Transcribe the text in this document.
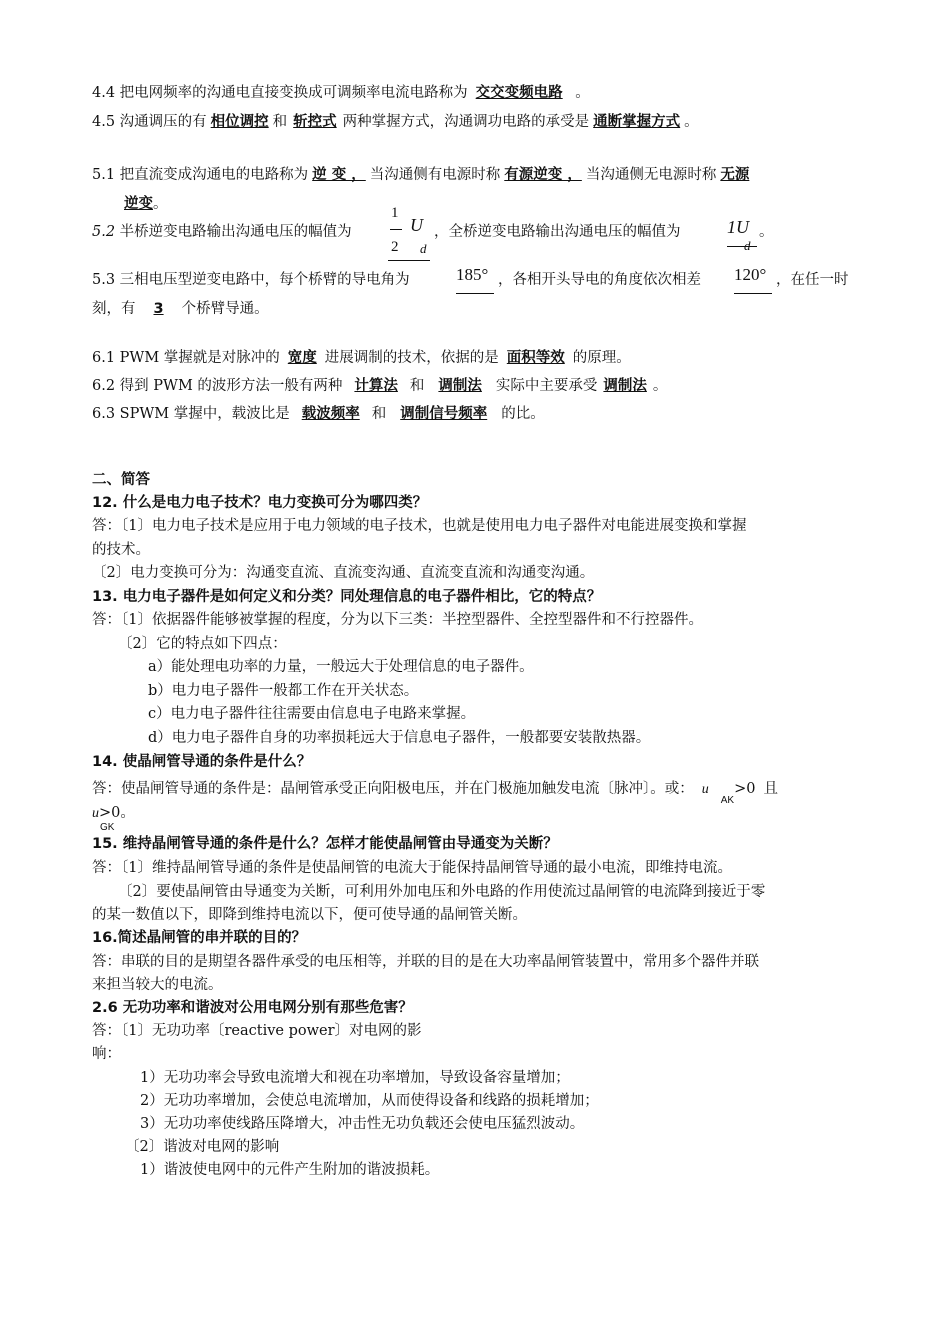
4.4 把电网频率的沟通电直接变换成可调频率电流电路称为 交交变频电路 。
4.5 沟通调压的有 相位调控 和 斩控式 两种掌握方式，沟通调功电路的承受是 通断掌握方式 。
5.1 把直流变成沟通电的电路称为 逆 变 ， 当沟通侧有电源时称 有源逆变 ， 当沟通侧无电源时称 无源
逆变。
5.2 半桥逆变电路输出沟通电压的幅值为
1
U
2 d
，全桥逆变电路输出沟通电压的幅值为	1U
d
。
5.3 三相电压型逆变电路中，每个桥臂的导电角为	185° ，各相开头导电的角度依次相差 120° ，在任一时
刻，有 3 个桥臂导通。
6.1 PWM 掌握就是对脉冲的 宽度 进展调制的技术，依据的是 面积等效 的原理。
6.2 得到 PWM 的波形方法一般有两种 计算法 和 调制法 实际中主要承受 调制法 。
6.3 SPWM 掌握中，载波比是 载波频率 和 调制信号频率 的比。
二、简答
12. 什么是电力电子技术？电力变换可分为哪四类？
答：〔1〕电力电子技术是应用于电力领域的电子技术，也就是使用电力电子器件对电能进展变换和掌握
的技术。
〔2〕电力变换可分为：沟通变直流、直流变沟通、直流变直流和沟通变沟通。
13. 电力电子器件是如何定义和分类？同处理信息的电子器件相比，它的特点？
答：〔1〕依据器件能够被掌握的程度，分为以下三类：半控型器件、全控型器件和不行控器件。
〔2〕它的特点如下四点：
a）能处理电功率的力量，一般远大于处理信息的电子器件。
b）电力电子器件一般都工作在开关状态。
c）电力电子器件往往需要由信息电子电路来掌握。
d）电力电子器件自身的功率损耗远大于信息电子器件，一般都要安装散热器。
14. 使晶闸管导通的条件是什么？
答：使晶闸管导通的条件是：晶闸管承受正向阳极电压，并在门极施加触发电流〔脉冲〕。或： $u_{AK}>0$ 且
u>0。
GK
15. 维持晶闸管导通的条件是什么？怎样才能使晶闸管由导通变为关断？
答：〔1〕维持晶闸管导通的条件是使晶闸管的电流大于能保持晶闸管导通的最小电流，即维持电流。
〔2〕要使晶闸管由导通变为关断，可利用外加电压和外电路的作用使流过晶闸管的电流降到接近于零
的某一数值以下，即降到维持电流以下，便可使导通的晶闸管关断。
16.简述晶闸管的串并联的目的？
答：串联的目的是期望各器件承受的电压相等，并联的目的是在大功率晶闸管装置中，常用多个器件并联
来担当较大的电流。
2.6 无功功率和谐波对公用电网分别有那些危害？
答：〔1〕无功功率〔reactive power〕对电网的影
响：
1）无功功率会导致电流增大和视在功率增加，导致设备容量增加；
2）无功功率增加，会使总电流增加，从而使得设备和线路的损耗增加；
3）无功功率使线路压降增大，冲击性无功负载还会使电压猛烈波动。
〔2〕谐波对电网的影响
1）谐波使电网中的元件产生附加的谐波损耗。
